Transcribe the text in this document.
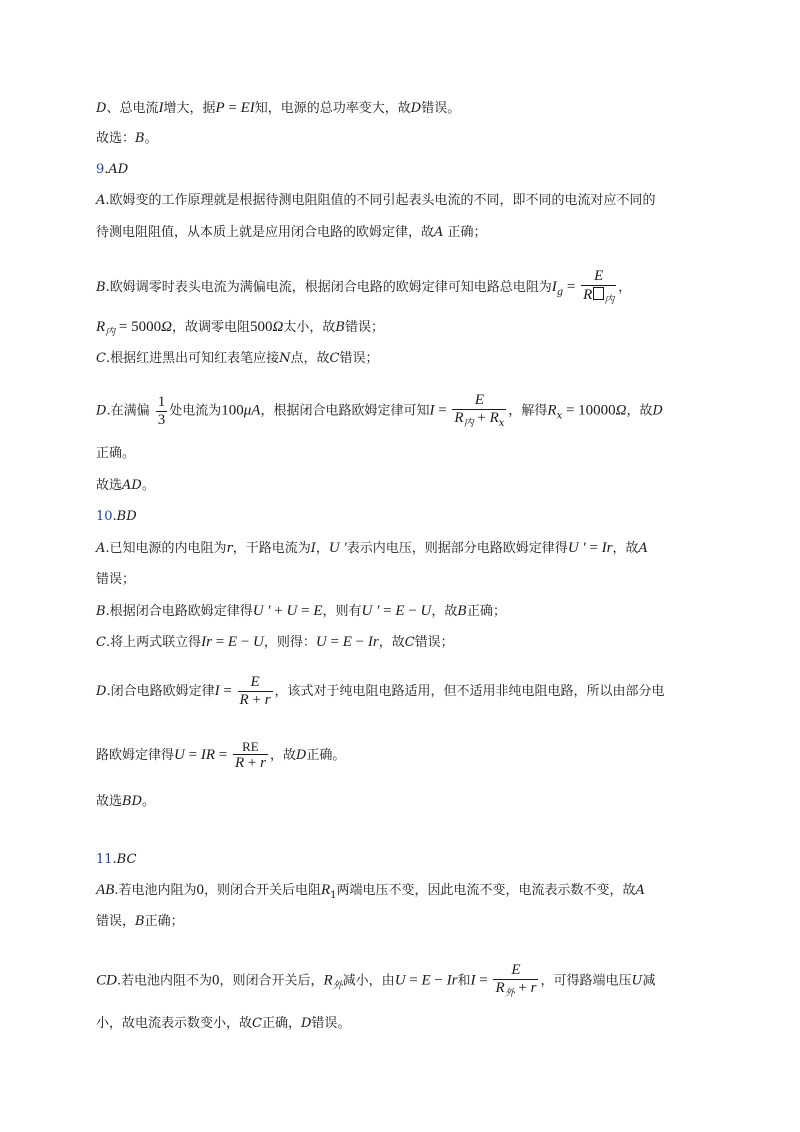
D、总电流I增大，据P = EI知，电源的总功率变大，故D错误。
故选：B。
9.AD
A.欧姆变的工作原理就是根据待测电阻阻值的不同引起表头电流的不同，即不同的电流对应不同的
待测电阻阻值，从本质上就是应用闭合电路的欧姆定律，故A 正确；
B.欧姆调零时表头电流为满偏电流，根据闭合电路的欧姆定律可知电路总电阻为$I_g = \frac{E}{R _内}$ ，
$R_内 = 5000\Omega$，故调零电阻500Ω太小，故B错误；
C.根据红进黑出可知红表笔应接N点，故C错误；
D.在满偏 $\frac{1}{3}$ 处电流为100μA，根据闭合电路欧姆定律可知$I = \frac{E}{R_内 + R_x}$ ，解得$R_x = 10000\Omega$，故D
正确。
故选AD。
10.BD
A.已知电源的内电阻为r，干路电流为I，U ′表示内电压，则据部分电路欧姆定律得U ′ = Ir，故A
错误；
B.根据闭合电路欧姆定律得U ′ + U = E，则有U ′ = E − U，故B正确；
C.将上两式联立得Ir = E − U，则得：U = E − Ir，故C错误；
D.闭合电路欧姆定律$I = \frac{E}{R + r}$ ，该式对于纯电阻电路适用，但不适用非纯电阻电路，所以由部分电
路欧姆定律得U = IR = $\frac{RE}{R + r}$ ，故D正确。
故选BD。
11.BC
AB.若电池内阻为0，则闭合开关后电阻$R_1$两端电压不变，因此电流不变，电流表示数不变，故A
错误，B正确；
CD.若电池内阻不为0，则闭合开关后，$R_外$减小，由U = E − Ir和$I = \frac{E}{R_外 + r}$ ，可得路端电压U减
小，故电流表示数变小，故C正确，D错误。
